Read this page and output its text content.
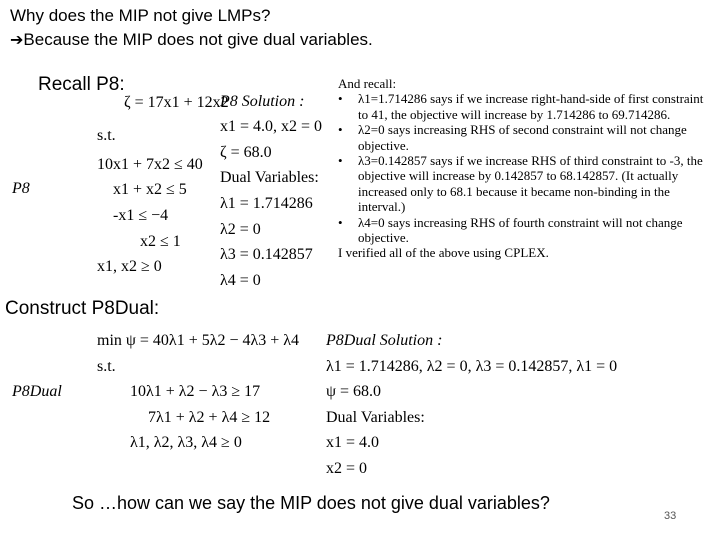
Why does the MIP not give LMPs?
➔Because the MIP does not give dual variables.
Recall P8:
P8
ζ = 17x1 + 12x2
s.t.
10x1 + 7x2 ≤ 40
x1 + x2 ≤ 5
-x1 ≤ −4
x2 ≤ 1
x1, x2 ≥ 0
P8 Solution :
x1 = 4.0, x2 = 0
ζ = 68.0
Dual Variables:
λ1 = 1.714286
λ2 = 0
λ3 = 0.142857
λ4 = 0
And recall:
• λ1=1.714286 says if we increase right-hand-side of first constraint to 41, the objective will increase by 1.714286 to 69.714286.
• λ2=0 says increasing RHS of second constraint will not change objective.
• λ3=0.142857 says if we increase RHS of third constraint to -3, the objective will increase by 0.142857 to 68.142857. (It actually increased only to 68.1 because it became non-binding in the interval.)
• λ4=0 says increasing RHS of fourth constraint will not change objective.
I verified all of the above using CPLEX.
Construct P8Dual:
min ψ = 40λ1 + 5λ2 − 4λ3 + λ4
s.t.
P8Dual	10λ1 + λ2 − λ3 ≥ 17
7λ1 + λ2 + λ4 ≥ 12
λ1, λ2, λ3, λ4 ≥ 0
P8Dual Solution :
λ1 = 1.714286, λ2 = 0, λ3 = 0.142857, λ1 = 0
ψ = 68.0
Dual Variables:
x1 = 4.0
x2 = 0
So …how can we say the MIP does not give dual variables?
33
